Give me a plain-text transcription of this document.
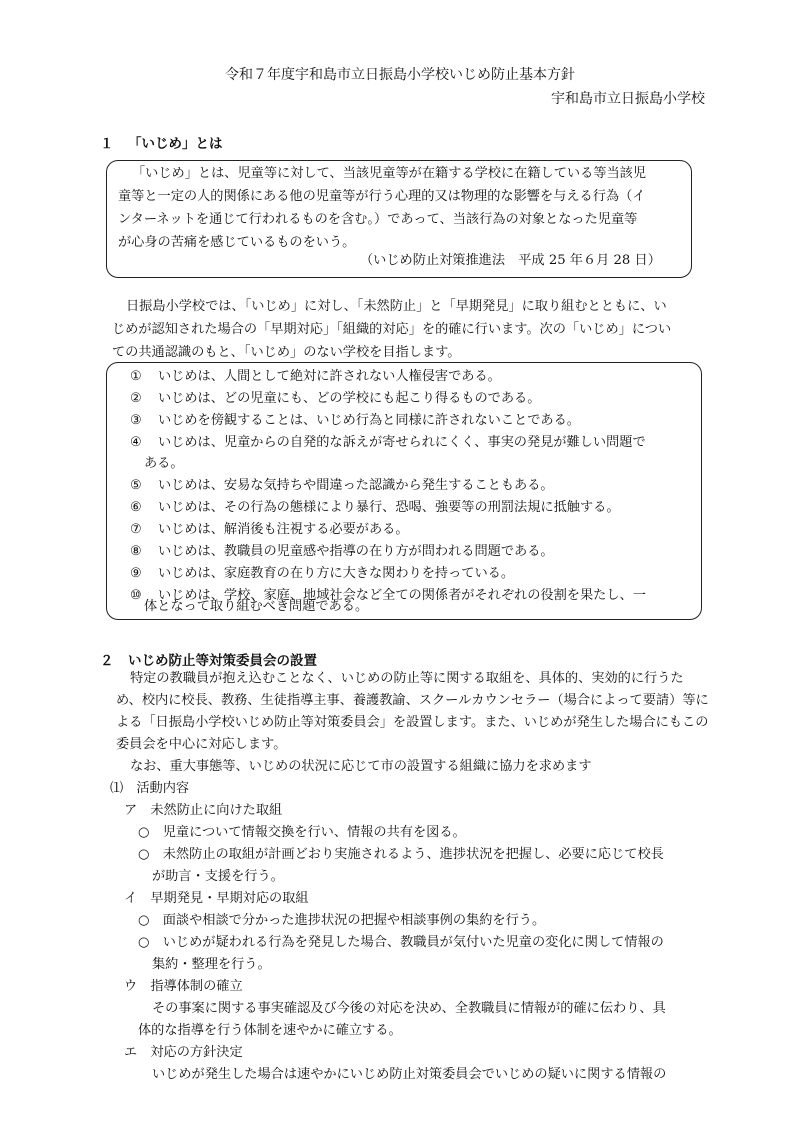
令和７年度宇和島市立日振島小学校いじめ防止基本方針
宇和島市立日振島小学校
１ 「いじめ」とは
「いじめ」とは、児童等に対して、当該児童等が在籍する学校に在籍している等当該児
童等と一定の人的関係にある他の児童等が行う心理的又は物理的な影響を与える行為（イ
ンターネットを通じて行われるものを含む。）であって、当該行為の対象となった児童等
が心身の苦痛を感じているものをいう。
（いじめ防止対策推進法　平成 25 年６月 28 日）
日振島小学校では、「いじめ」に対し、「未然防止」と「早期発見」に取り組むとともに、い
じめが認知された場合の「早期対応」「組織的対応」を的確に行います。次の「いじめ」につい
ての共通認識のもと、「いじめ」のない学校を目指します。
① いじめは、人間として絶対に許されない人権侵害である。
② いじめは、どの児童にも、どの学校にも起こり得るものである。
③ いじめを傍観することは、いじめ行為と同様に許されないことである。
④ いじめは、児童からの自発的な訴えが寄せられにくく、事実の発見が難しい問題で
ある。
⑤ いじめは、安易な気持ちや間違った認識から発生することもある。
⑥ いじめは、その行為の態様により暴行、恐喝、強要等の刑罰法規に抵触する。
⑦ いじめは、解消後も注視する必要がある。
⑧ いじめは、教職員の児童感や指導の在り方が問われる問題である。
⑨ いじめは、家庭教育の在り方に大きな関わりを持っている。
⑩ いじめは、学校、家庭、地域社会など全ての関係者がそれぞれの役割を果たし、一
体となって取り組むべき問題である。
２ いじめ防止等対策委員会の設置
特定の教職員が抱え込むことなく、いじめの防止等に関する取組を、具体的、実効的に行うた
め、校内に校長、教務、生徒指導主事、養護教諭、スクールカウンセラー（場合によって要請）等に
よる「日振島小学校いじめ防止等対策委員会」を設置します。また、いじめが発生した場合にもこの
委員会を中心に対応します。
なお、重大事態等、いじめの状況に応じて市の設置する組織に協力を求めます
⑴　活動内容
ア　未然防止に向けた取組
○　児童について情報交換を行い、情報の共有を図る。
○　未然防止の取組が計画どおり実施されるよう、進捗状況を把握し、必要に応じて校長
が助言・支援を行う。
イ　早期発見・早期対応の取組
○　面談や相談で分かった進捗状況の把握や相談事例の集約を行う。
○　いじめが疑われる行為を発見した場合、教職員が気付いた児童の変化に関して情報の
集約・整理を行う。
ウ　指導体制の確立
その事案に関する事実確認及び今後の対応を決め、全教職員に情報が的確に伝わり、具
体的な指導を行う体制を速やかに確立する。
エ　対応の方針決定
いじめが発生した場合は速やかにいじめ防止対策委員会でいじめの疑いに関する情報の
